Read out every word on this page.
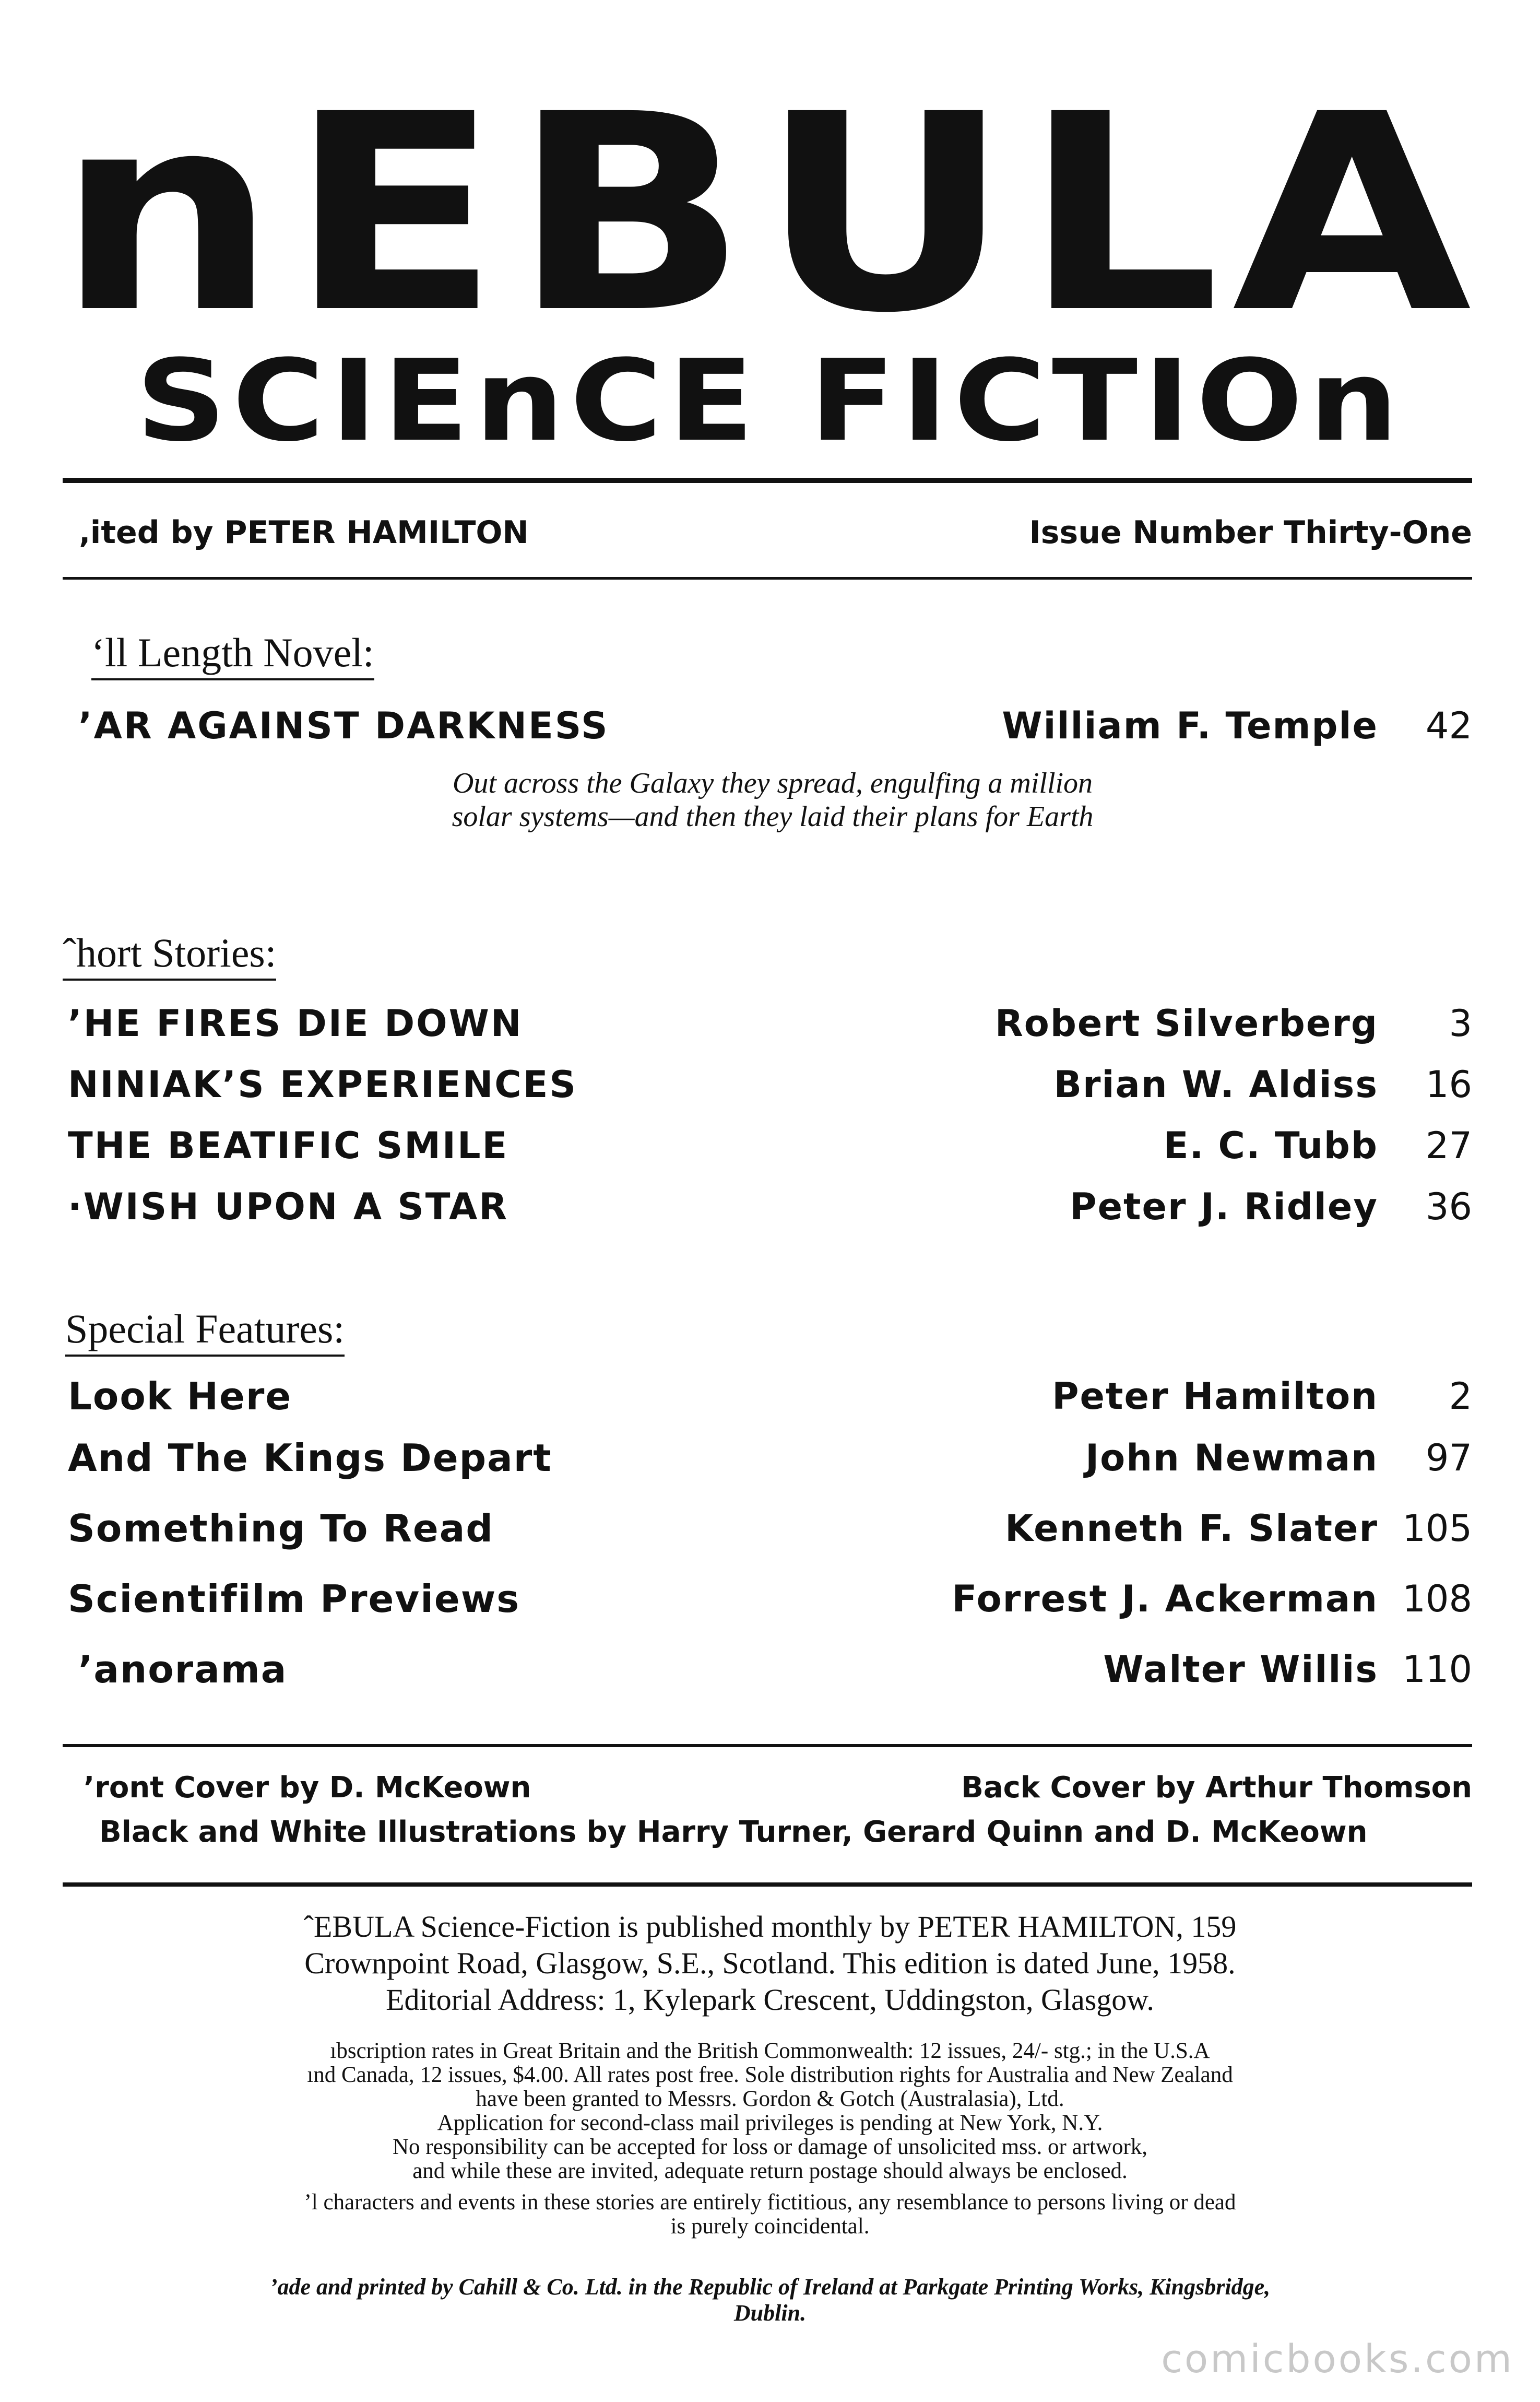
nEBULA
SCIEnCE FICTIOn
‚ited by PETER HAMILTON	Issue Number Thirty-One
‘ll Length Novel:
’AR AGAINST DARKNESS	William F. Temple 42
Out across the Galaxy they spread, engulfing a million
solar systems—and then they laid their plans for Earth
ˆhort Stories:
’HE FIRES DIE DOWN	Robert Silverberg 3
NINIAK’S EXPERIENCES	Brian W. Aldiss 16
THE BEATIFIC SMILE	E. C. Tubb 27
·WISH UPON A STAR	Peter J. Ridley 36
Special Features:
Look Here	Peter Hamilton 2
And The Kings Depart	John Newman 97
Something To Read	Kenneth F. Slater 105
Scientifilm Previews	Forrest J. Ackerman 108
’anorama	Walter Willis 110
’ront Cover by D. McKeown	Back Cover by Arthur Thomson
Black and White Illustrations by Harry Turner, Gerard Quinn and D. McKeown
ˆEBULA Science-Fiction is published monthly by PETER HAMILTON, 159
Crownpoint Road, Glasgow, S.E., Scotland. This edition is dated June, 1958.
Editorial Address: 1, Kylepark Crescent, Uddingston, Glasgow.
ıbscription rates in Great Britain and the British Commonwealth: 12 issues, 24/- stg.; in the U.S.A
ınd Canada, 12 issues, $4.00. All rates post free. Sole distribution rights for Australia and New Zealand
have been granted to Messrs. Gordon & Gotch (Australasia), Ltd.
Application for second-class mail privileges is pending at New York, N.Y.
No responsibility can be accepted for loss or damage of unsolicited mss. or artwork,
and while these are invited, adequate return postage should always be enclosed.
’l characters and events in these stories are entirely fictitious, any resemblance to persons living or dead
is purely coincidental.
’ade and printed by Cahill & Co. Ltd. in the Republic of Ireland at Parkgate Printing Works, Kingsbridge,
Dublin.
comicbooks.com
